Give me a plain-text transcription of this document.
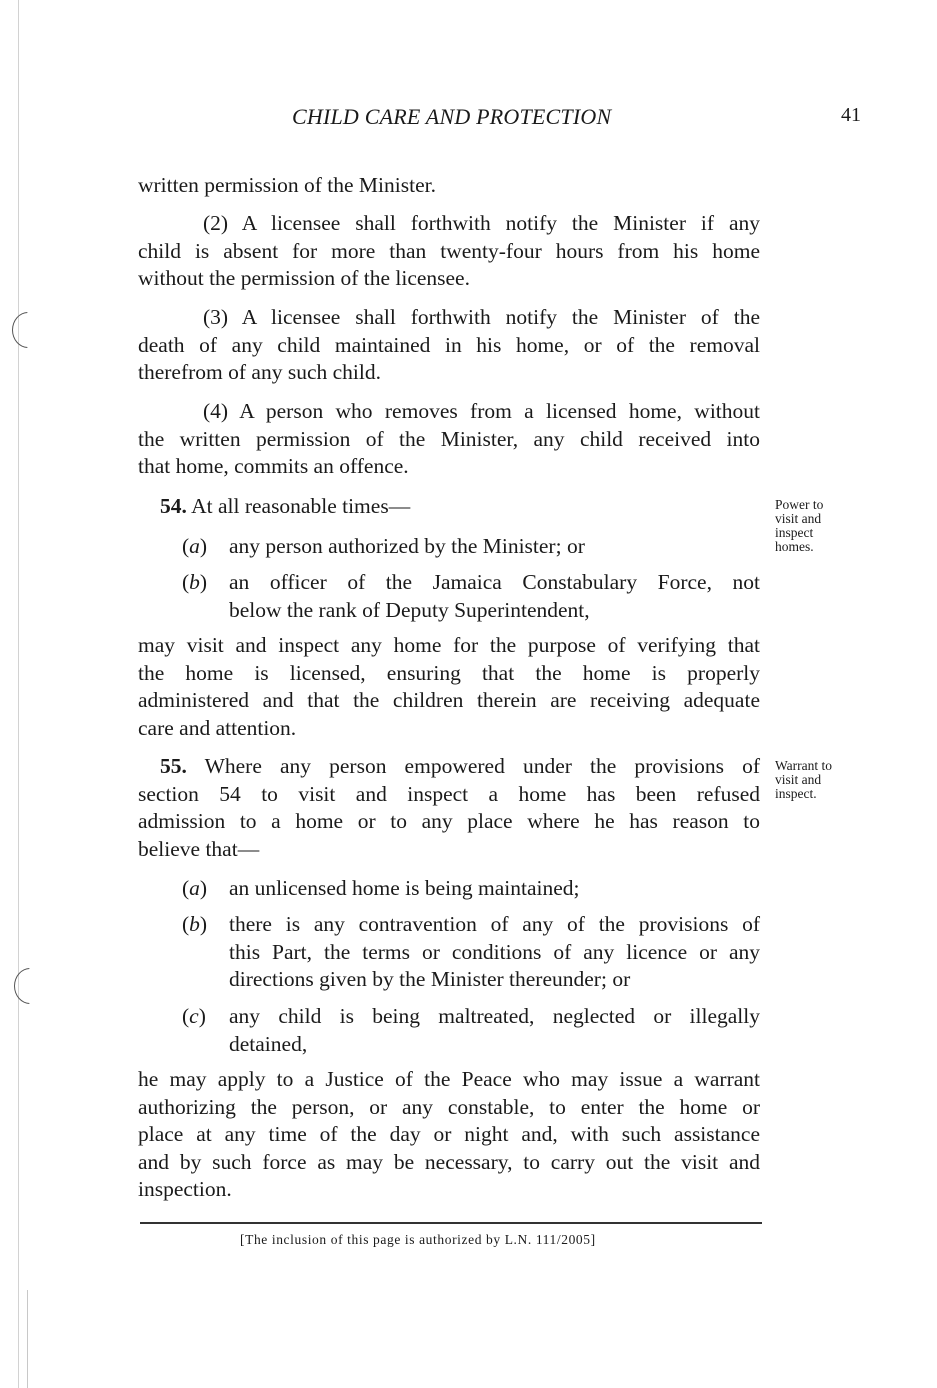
CHILD CARE AND PROTECTION	41
written permission of the Minister.
(2) A licensee shall forthwith notify the Minister if any
child is absent for more than twenty-four hours from his home
without the permission of the licensee.
(3) A licensee shall forthwith notify the Minister of the
death of any child maintained in his home, or of the removal
therefrom of any such child.
(4) A person who removes from a licensed home, without
the written permission of the Minister, any child received into
that home, commits an offence.
54. At all reasonable times—	Power to
visit and
inspect
homes.
(a) any person authorized by the Minister; or
(b) an officer of the Jamaica Constabulary Force, not
below the rank of Deputy Superintendent,
may visit and inspect any home for the purpose of verifying that
the home is licensed, ensuring that the home is properly
administered and that the children therein are receiving adequate
care and attention.
55. Where any person empowered under the provisions of
section 54 to visit and inspect a home has been refused
admission to a home or to any place where he has reason to
believe that—
Warrant to
visit and
inspect.
(a) an unlicensed home is being maintained;
(b) there is any contravention of any of the provisions of
this Part, the terms or conditions of any licence or any
directions given by the Minister thereunder; or
(c) any child is being maltreated, neglected or illegally
detained,
he may apply to a Justice of the Peace who may issue a warrant
authorizing the person, or any constable, to enter the home or
place at any time of the day or night and, with such assistance
and by such force as may be necessary, to carry out the visit and
inspection.
[The inclusion of this page is authorized by L.N. 111/2005]
